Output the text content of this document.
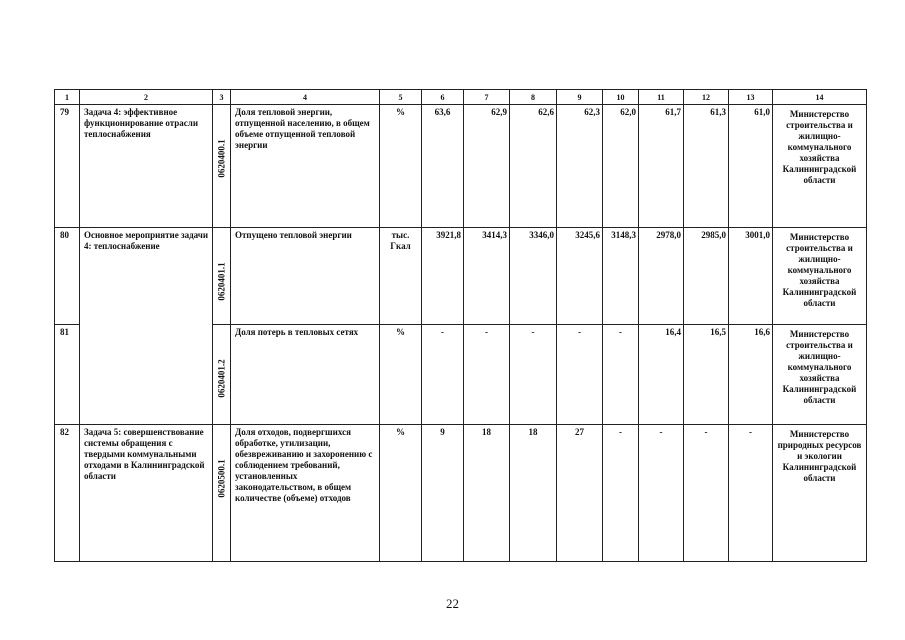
1	2	3	4	5	6	7	8	9	10	11	12	13	14
79	Задача 4: эффективное функционирование отрасли теплоснабжения	0620400.1	Доля тепловой энергии, отпущенной населению, в общем объеме отпущенной тепловой энергии	%	63,6	62,9	62,6	62,3	62,0	61,7	61,3	61,0	Министерство строительства и жилищно-коммунального хозяйства Калининградской области
80	Основное мероприятие задачи 4: теплоснабжение	0620401.1	Отпущено тепловой энергии	тыс. Гкал	3921,8	3414,3	3346,0	3245,6	3148,3	2978,0	2985,0	3001,0	Министерство строительства и жилищно-коммунального хозяйства Калининградской области
81		0620401.2	Доля потерь в тепловых сетях	%	-	-	-	-	-	16,4	16,5	16,6	Министерство строительства и жилищно-коммунального хозяйства Калининградской области
82	Задача 5: совершенствование системы обращения с твердыми коммунальными отходами в Калининградской области	0620500.1	Доля отходов, подвергшихся обработке, утилизации, обезвреживанию и захоронению с соблюдением требований, установленных законодательством, в общем количестве (объеме) отходов	%	9	18	18	27	-	-	-	-	Министерство природных ресурсов и экологии Калининградской области
22
